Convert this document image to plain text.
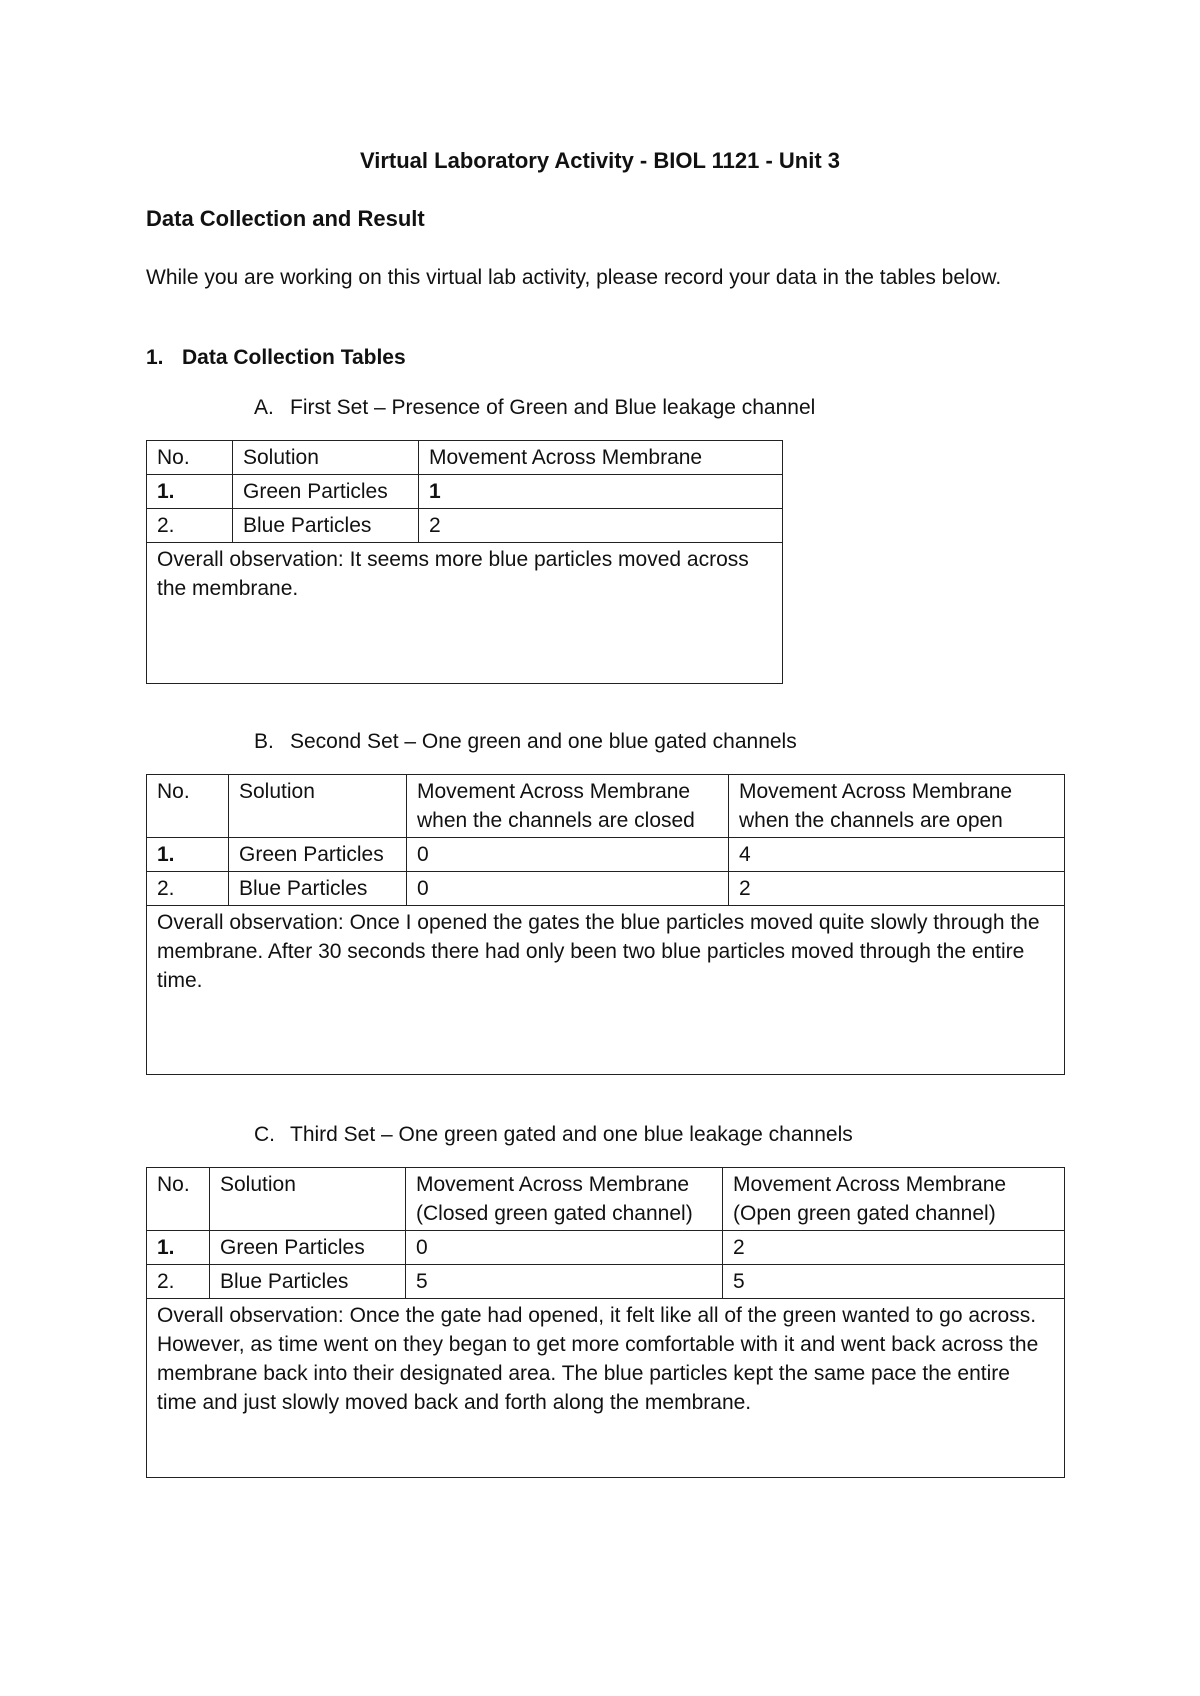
Virtual Laboratory Activity - BIOL 1121 - Unit 3
Data Collection and Result
While you are working on this virtual lab activity, please record your data in the tables below.
1. Data Collection Tables
A. First Set – Presence of Green and Blue leakage channel
No.	Solution	Movement Across Membrane
1.	Green Particles	1
2.	Blue Particles	2
Overall observation: It seems more blue particles moved across the membrane.		
B. Second Set – One green and one blue gated channels
No.	Solution	Movement Across Membrane when the channels are closed	Movement Across Membrane when the channels are open
1.	Green Particles	0	4
2.	Blue Particles	0	2
Overall observation: Once I opened the gates the blue particles moved quite slowly through the membrane. After 30 seconds there had only been two blue particles moved through the entire time.			
C. Third Set – One green gated and one blue leakage channels
No.	Solution	Movement Across Membrane (Closed green gated channel)	Movement Across Membrane (Open green gated channel)
1.	Green Particles	0	2
2.	Blue Particles	5	5
Overall observation: Once the gate had opened, it felt like all of the green wanted to go across. However, as time went on they began to get more comfortable with it and went back across the membrane back into their designated area. The blue particles kept the same pace the entire time and just slowly moved back and forth along the membrane.			
